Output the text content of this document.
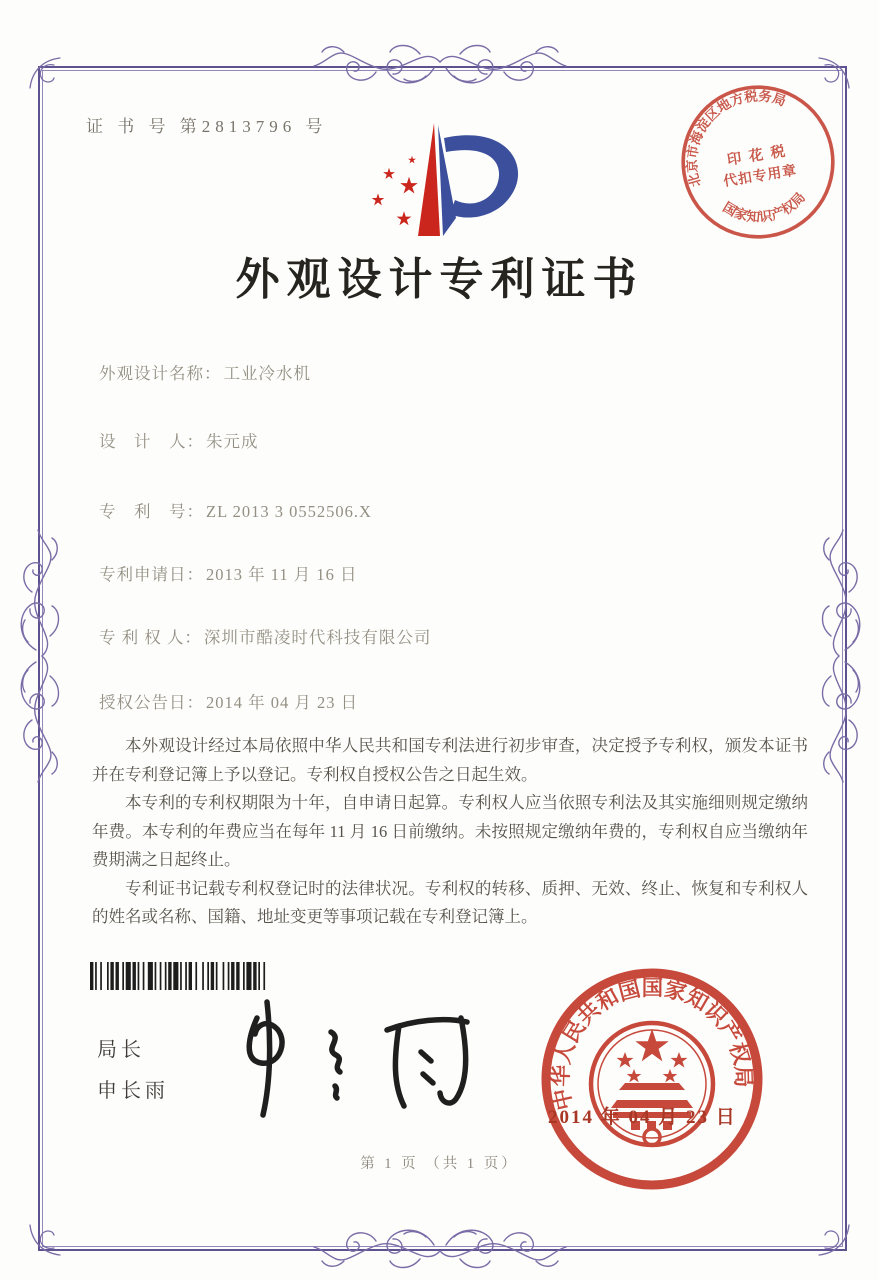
证 书 号 第2813796 号
北京市海淀区地方税务局
国家知识产权局
印 花 税
代扣专用章
外观设计专利证书
外观设计名称： 工业冷水机
设　计　人： 朱元成
专　利　号： ZL 2013 3 0552506.X
专利申请日： 2013 年 11 月 16 日
专 利 权 人： 深圳市酷凌时代科技有限公司
授权公告日： 2014 年 04 月 23 日

本外观设计经过本局依照中华人民共和国专利法进行初步审查，决定授予专利权，颁发本证书并在专利登记簿上予以登记。专利权自授权公告之日起生效。

本专利的专利权期限为十年，自申请日起算。专利权人应当依照专利法及其实施细则规定缴纳年费。本专利的年费应当在每年 11 月 16 日前缴纳。未按照规定缴纳年费的，专利权自应当缴纳年费期满之日起终止。

专利证书记载专利权登记时的法律状况。专利权的转移、质押、无效、终止、恢复和专利权人的姓名或名称、国籍、地址变更等事项记载在专利登记簿上。

局长
申长雨	中华人民共和国国家知识产权局
2014 年 04 月 23 日
第 1 页 （共 1 页）
